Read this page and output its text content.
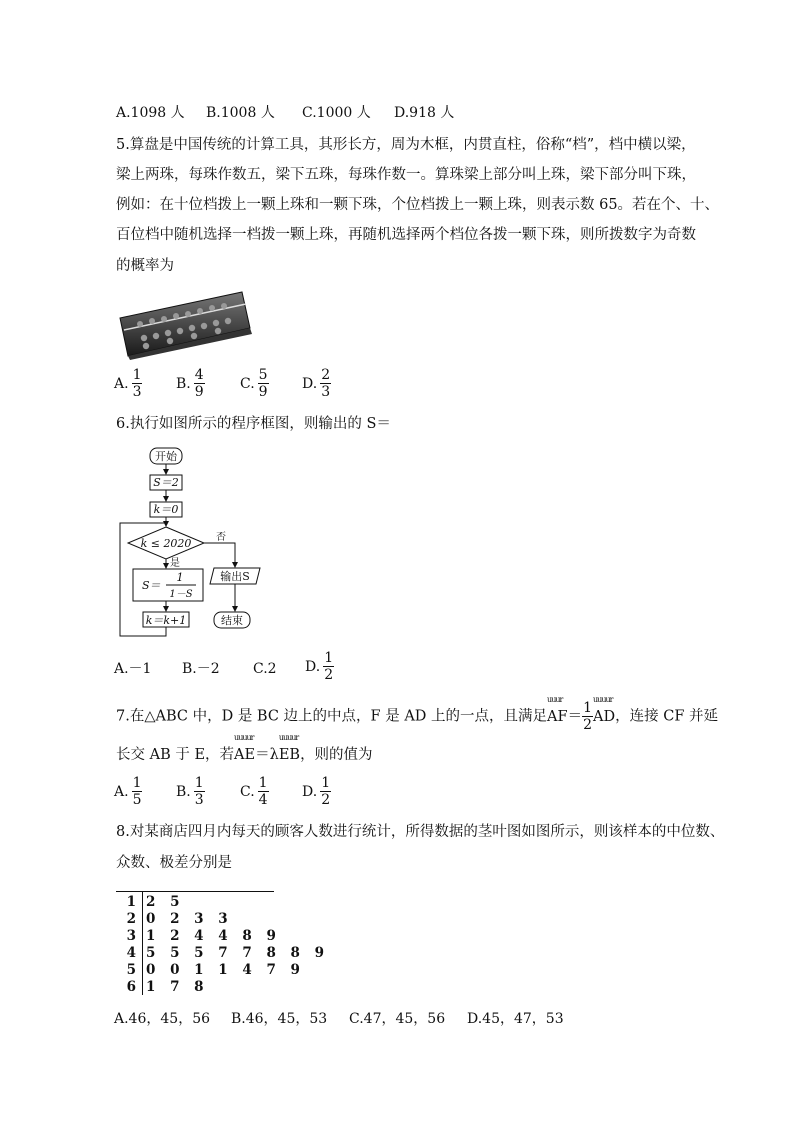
A.1098 人 B.1008 人 C.1000 人 D.918 人
5.算盘是中国传统的计算工具，其形长方，周为木框，内贯直柱，俗称“档”，档中横以梁，
梁上两珠，每珠作数五，梁下五珠，每珠作数一。算珠梁上部分叫上珠，梁下部分叫下珠，
例如：在十位档拨上一颗上珠和一颗下珠，个位档拨上一颗上珠，则表示数 65。若在个、十、
百位档中随机选择一档拨一颗上珠，再随机选择两个档位各拨一颗下珠，则所拨数字为奇数
的概率为
A. $\frac{1}{3} B$. $\frac{4}{9}$	C. $\frac{5}{9} D$. $\frac{2}{3}$
6.执行如图所示的程序框图，则输出的 S＝
开始
S＝2
k＝0
k ≤ 2020 否
是
S＝
1
1－S
输出S
结束
k＝k+1
A.－1 B.－2 C.2 D. $\frac{1}{2}$
7.在△ABC 中，D 是 BC 边上的中点，F 是 AD 上的一点，且满足
uuur
$AF= \frac{1}{2}$
uuuur
AD，连接 CF 并延
长交 AB 于 E，若
uuuur
AE＝λ
uuuur
EB，则的值为
A. $\frac{1}{5} B$. $\frac{1}{3}$	C. $\frac{1}{4} D$. $\frac{1}{2}$
8.对某商店四月内每天的顾客人数进行统计，所得数据的茎叶图如图所示，则该样本的中位数、
众数、极差分别是
1 2 5
2 0 2 3 3
3 1 2 4 4 8 9
4 5 5 5 7 7 8 8 9
5 0 0 1 1 4 7 9
6 1 7 8
A.46，45，56 B.46，45，53 C.47，45，56 D.45，47，53
